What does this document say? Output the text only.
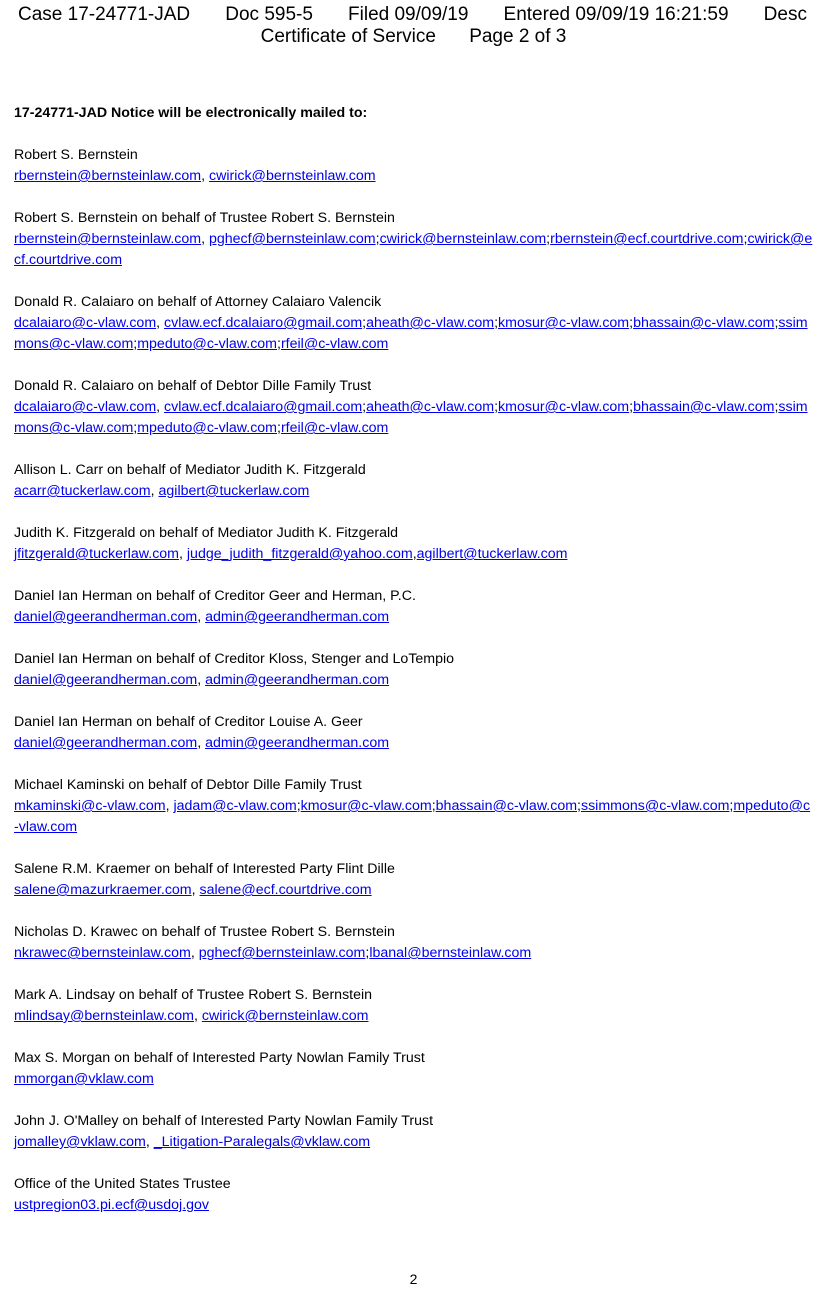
Case 17-24771-JAD Doc 595-5 Filed 09/09/19 Entered 09/09/19 16:21:59 Desc
Certificate of Service Page 2 of 3
17-24771-JAD Notice will be electronically mailed to:
Robert S. Bernstein
rbernstein@bernsteinlaw.com, cwirick@bernsteinlaw.com
Robert S. Bernstein on behalf of Trustee Robert S. Bernstein
rbernstein@bernsteinlaw.com, pghecf@bernsteinlaw.com;cwirick@bernsteinlaw.com;rbernstein@ecf.courtdrive.com;cwirick@ecf.courtdrive.com
Donald R. Calaiaro on behalf of Attorney Calaiaro Valencik
dcalaiaro@c-vlaw.com, cvlaw.ecf.dcalaiaro@gmail.com;aheath@c-vlaw.com;kmosur@c-vlaw.com;bhassain@c-vlaw.com;ssimmons@c-vlaw.com;mpeduto@c-vlaw.com;rfeil@c-vlaw.com
Donald R. Calaiaro on behalf of Debtor Dille Family Trust
dcalaiaro@c-vlaw.com, cvlaw.ecf.dcalaiaro@gmail.com;aheath@c-vlaw.com;kmosur@c-vlaw.com;bhassain@c-vlaw.com;ssimmons@c-vlaw.com;mpeduto@c-vlaw.com;rfeil@c-vlaw.com
Allison L. Carr on behalf of Mediator Judith K. Fitzgerald
acarr@tuckerlaw.com, agilbert@tuckerlaw.com
Judith K. Fitzgerald on behalf of Mediator Judith K. Fitzgerald
jfitzgerald@tuckerlaw.com, judge_judith_fitzgerald@yahoo.com,agilbert@tuckerlaw.com
Daniel Ian Herman on behalf of Creditor Geer and Herman, P.C.
daniel@geerandherman.com, admin@geerandherman.com
Daniel Ian Herman on behalf of Creditor Kloss, Stenger and LoTempio
daniel@geerandherman.com, admin@geerandherman.com
Daniel Ian Herman on behalf of Creditor Louise A. Geer
daniel@geerandherman.com, admin@geerandherman.com
Michael Kaminski on behalf of Debtor Dille Family Trust
mkaminski@c-vlaw.com, jadam@c-vlaw.com;kmosur@c-vlaw.com;bhassain@c-vlaw.com;ssimmons@c-vlaw.com;mpeduto@c-vlaw.com
Salene R.M. Kraemer on behalf of Interested Party Flint Dille
salene@mazurkraemer.com, salene@ecf.courtdrive.com
Nicholas D. Krawec on behalf of Trustee Robert S. Bernstein
nkrawec@bernsteinlaw.com, pghecf@bernsteinlaw.com;lbanal@bernsteinlaw.com
Mark A. Lindsay on behalf of Trustee Robert S. Bernstein
mlindsay@bernsteinlaw.com, cwirick@bernsteinlaw.com
Max S. Morgan on behalf of Interested Party Nowlan Family Trust
mmorgan@vklaw.com
John J. O'Malley on behalf of Interested Party Nowlan Family Trust
jomalley@vklaw.com, _Litigation-Paralegals@vklaw.com
Office of the United States Trustee
ustpregion03.pi.ecf@usdoj.gov
2
